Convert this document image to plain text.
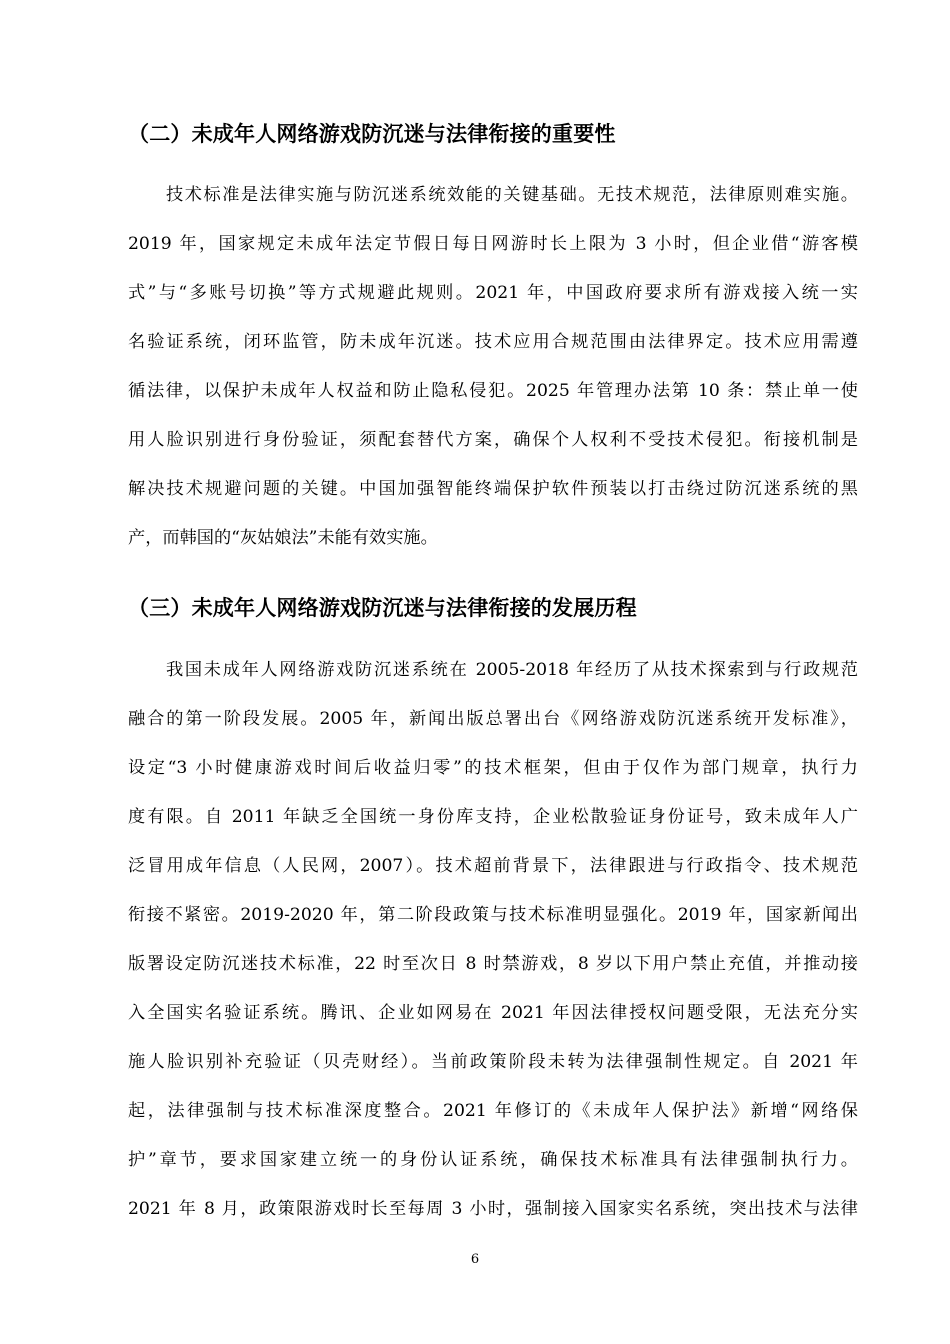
（二）未成年人网络游戏防沉迷与法律衔接的重要性
技术标准是法律实施与防沉迷系统效能的关键基础。无技术规范，法律原则难实施。
2019 年，国家规定未成年法定节假日每日网游时长上限为 3 小时，但企业借“游客模
式”与“多账号切换”等方式规避此规则。2021 年，中国政府要求所有游戏接入统一实
名验证系统，闭环监管，防未成年沉迷。技术应用合规范围由法律界定。技术应用需遵
循法律，以保护未成年人权益和防止隐私侵犯。2025 年管理办法第 10 条：禁止单一使
用人脸识别进行身份验证，须配套替代方案，确保个人权利不受技术侵犯。衔接机制是
解决技术规避问题的关键。中国加强智能终端保护软件预装以打击绕过防沉迷系统的黑
产，而韩国的“灰姑娘法”未能有效实施。
（三）未成年人网络游戏防沉迷与法律衔接的发展历程
我国未成年人网络游戏防沉迷系统在 2005-2018 年经历了从技术探索到与行政规范
融合的第一阶段发展。2005 年，新闻出版总署出台《网络游戏防沉迷系统开发标准》，
设定“3 小时健康游戏时间后收益归零”的技术框架，但由于仅作为部门规章，执行力
度有限。自 2011 年缺乏全国统一身份库支持，企业松散验证身份证号，致未成年人广
泛冒用成年信息（人民网，2007）。技术超前背景下，法律跟进与行政指令、技术规范
衔接不紧密。2019-2020 年，第二阶段政策与技术标准明显强化。2019 年，国家新闻出
版署设定防沉迷技术标准，22 时至次日 8 时禁游戏，8 岁以下用户禁止充值，并推动接
入全国实名验证系统。腾讯、企业如网易在 2021 年因法律授权问题受限，无法充分实
施人脸识别补充验证（贝壳财经）。当前政策阶段未转为法律强制性规定。自 2021 年
起，法律强制与技术标准深度整合。2021 年修订的《未成年人保护法》新增“网络保
护”章节，要求国家建立统一的身份认证系统，确保技术标准具有法律强制执行力。
2021 年 8 月，政策限游戏时长至每周 3 小时，强制接入国家实名系统，突出技术与法律
6
